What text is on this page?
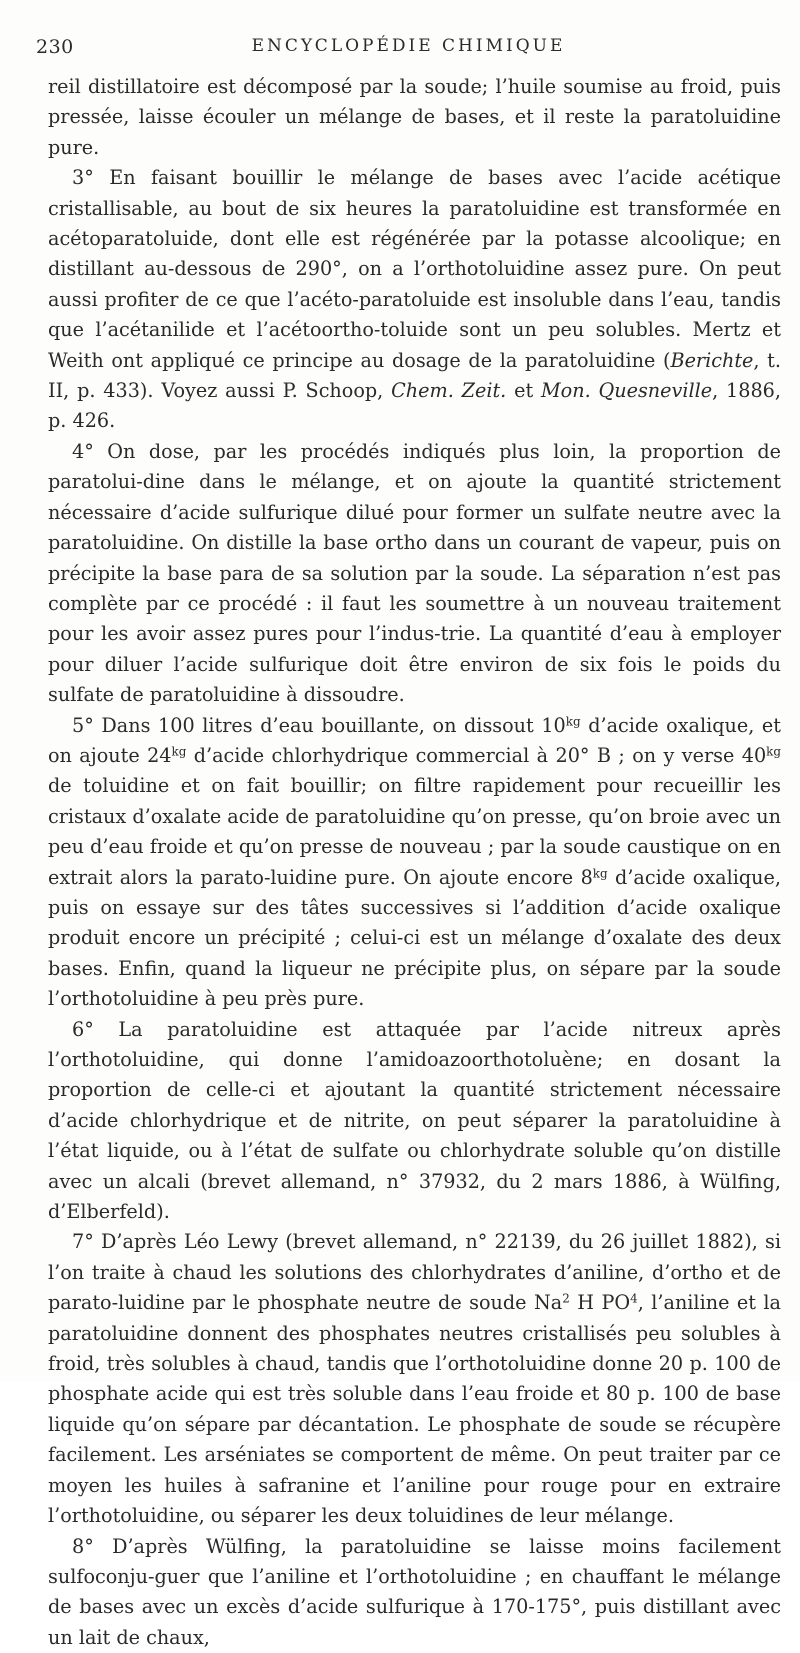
230	ENCYCLOPÉDIE CHIMIQUE

reil distillatoire est décomposé par la soude; l’huile soumise au froid, puis pressée, laisse écouler un mélange de bases, et il reste la paratoluidine pure.

3° En faisant bouillir le mélange de bases avec l’acide acétique cristallisable, au bout de six heures la paratoluidine est transformée en acétoparatoluide, dont elle est régénérée par la potasse alcoolique; en distillant au-dessous de 290°, on a l’orthotoluidine assez pure. On peut aussi profiter de ce que l’acéto-paratoluide est insoluble dans l’eau, tandis que l’acétanilide et l’acétoortho-toluide sont un peu solubles. Mertz et Weith ont appliqué ce principe au dosage de la paratoluidine (Berichte, t. II, p. 433). Voyez aussi P. Schoop, Chem. Zeit. et Mon. Quesneville, 1886, p. 426.

4° On dose, par les procédés indiqués plus loin, la proportion de paratolui-dine dans le mélange, et on ajoute la quantité strictement nécessaire d’acide sulfurique dilué pour former un sulfate neutre avec la paratoluidine. On distille la base ortho dans un courant de vapeur, puis on précipite la base para de sa solution par la soude. La séparation n’est pas complète par ce procédé : il faut les soumettre à un nouveau traitement pour les avoir assez pures pour l’indus-trie. La quantité d’eau à employer pour diluer l’acide sulfurique doit être environ de six fois le poids du sulfate de paratoluidine à dissoudre.

5° Dans 100 litres d’eau bouillante, on dissout $10^{kg}$ d’acide oxalique, et on ajoute $24^{kg}$ d’acide chlorhydrique commercial à 20° B ; on y verse $40^{kg}$ de toluidine et on fait bouillir; on filtre rapidement pour recueillir les cristaux d’oxalate acide de paratoluidine qu’on presse, qu’on broie avec un peu d’eau froide et qu’on presse de nouveau ; par la soude caustique on en extrait alors la parato-luidine pure. On ajoute encore $8^{kg}$ d’acide oxalique, puis on essaye sur des tâtes successives si l’addition d’acide oxalique produit encore un précipité ; celui-ci est un mélange d’oxalate des deux bases. Enfin, quand la liqueur ne précipite plus, on sépare par la soude l’orthotoluidine à peu près pure.

6° La paratoluidine est attaquée par l’acide nitreux après l’orthotoluidine, qui donne l’amidoazoorthotoluène; en dosant la proportion de celle-ci et ajoutant la quantité strictement nécessaire d’acide chlorhydrique et de nitrite, on peut séparer la paratoluidine à l’état liquide, ou à l’état de sulfate ou chlorhydrate soluble qu’on distille avec un alcali (brevet allemand, n° 37932, du 2 mars 1886, à Wülfing, d’Elberfeld).

7° D’après Léo Lewy (brevet allemand, n° 22139, du 26 juillet 1882), si l’on traite à chaud les solutions des chlorhydrates d’aniline, d’ortho et de parato-luidine par le phosphate neutre de soude Na$^2$ H $PO^4$, l’aniline et la paratoluidine donnent des phosphates neutres cristallisés peu solubles à froid, très solubles à chaud, tandis que l’orthotoluidine donne 20 p. 100 de phosphate acide qui est très soluble dans l’eau froide et 80 p. 100 de base liquide qu’on sépare par décantation. Le phosphate de soude se récupère facilement. Les arséniates se comportent de même. On peut traiter par ce moyen les huiles à safranine et l’aniline pour rouge pour en extraire l’orthotoluidine, ou séparer les deux toluidines de leur mélange.

8° D’après Wülfing, la paratoluidine se laisse moins facilement sulfoconju-guer que l’aniline et l’orthotoluidine ; en chauffant le mélange de bases avec un excès d’acide sulfurique à 170-175°, puis distillant avec un lait de chaux,
